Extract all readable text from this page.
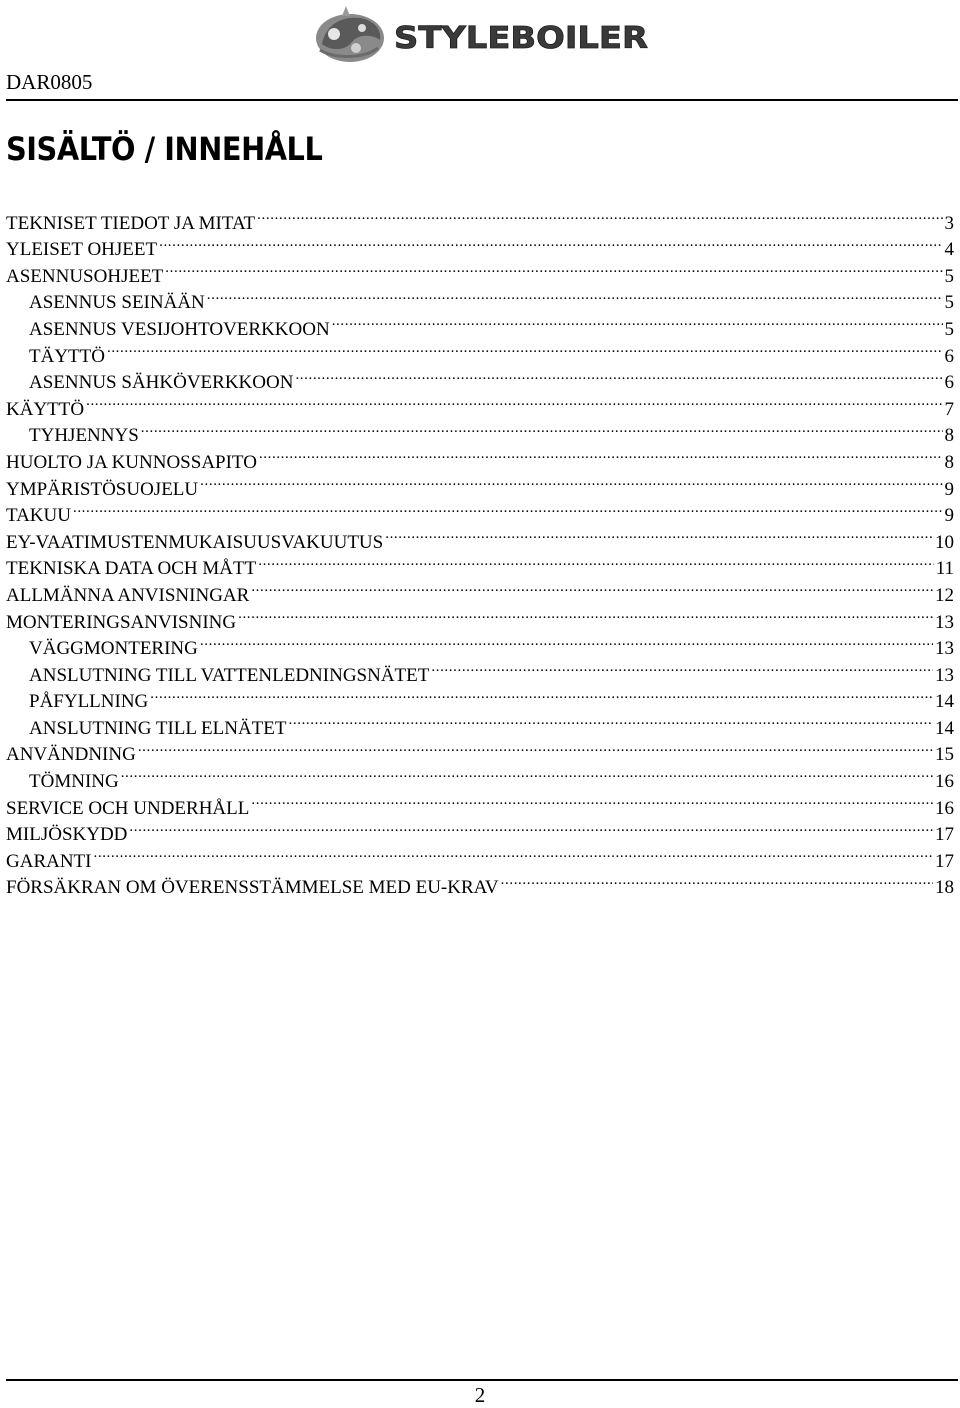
STYLEBOILER
DAR0805
SISÄLTÖ / INNEHÅLL
TEKNISET TIEDOT JA MITAT .....	3
YLEISET OHJEET .....	4
ASENNUSOHJEET .....	5
ASENNUS SEINÄÄN .....	5
ASENNUS VESIJOHTOVERKKOON .....	5
TÄYTTÖ .....	6
ASENNUS SÄHKÖVERKKOON .....	6
KÄYTTÖ .....	7
TYHJENNYS .....	8
HUOLTO JA KUNNOSSAPITO .....	8
YMPÄRISTÖSUOJELU .....	9
TAKUU .....	9
EY-VAATIMUSTENMUKAISUUSVAKUUTUS .....	10
TEKNISKA DATA OCH MÅTT .....	11
ALLMÄNNA ANVISNINGAR .....	12
MONTERINGSANVISNING .....	13
VÄGGMONTERING .....	13
ANSLUTNING TILL VATTENLEDNINGSNÄTET .....	13
PÅFYLLNING .....	14
ANSLUTNING TILL ELNÄTET .....	14
ANVÄNDNING .....	15
TÖMNING .....	16
SERVICE OCH UNDERHÅLL .....	16
MILJÖSKYDD .....	17
GARANTI .....	17
FÖRSÄKRAN OM ÖVERENSSTÄMMELSE MED EU-KRAV .....	18
2
